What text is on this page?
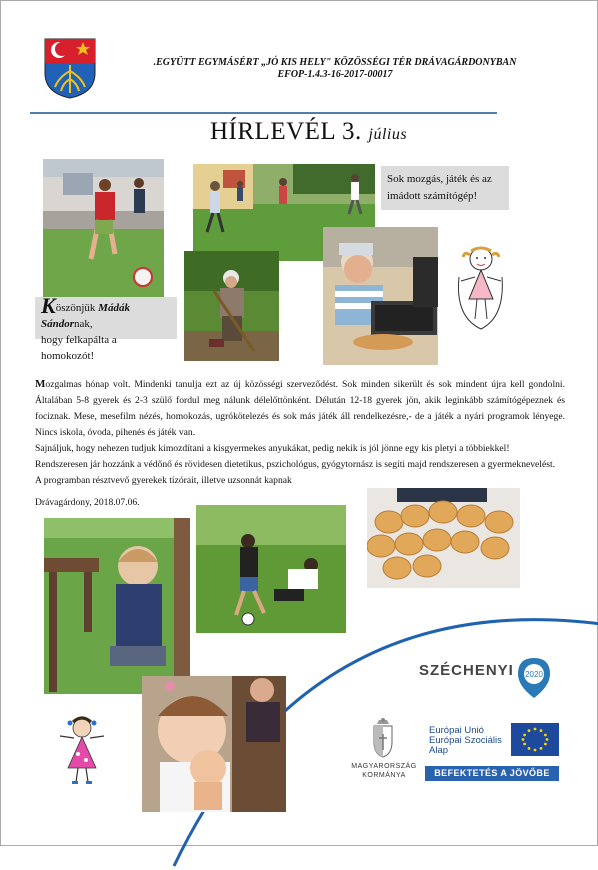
.EGYÜTT EGYMÁSÉRT „JÓ KIS HELY" KÖZÖSSÉGI TÉR DRÁVAGÁRDONYBAN
EFOP-1.4.3-16-2017-00017
HÍRLEVÉL 3. július
Sok mozgás, játék és az imádott számítógép!
Köszönjük Mádák Sándornak,
hogy felkapálta a homokozót!

Mozgalmas hónap volt. Mindenki tanulja ezt az új közösségi szerveződést. Sok minden sikerült és sok mindent újra kell gondolni. Általában 5-8 gyerek és 2-3 szülő fordul meg nálunk délelőttönként. Délután 12-18 gyerek jön, akik leginkább számítógépeznek és fociznak. Mese, mesefilm nézés, homokozás, ugrókötelezés és sok más játék áll rendelkezésre,- de a játék a nyári programok lényege. Nincs iskola, óvoda, pihenés és játék van.

Sajnáljuk, hogy nehezen tudjuk kimozdítani a kisgyermekes anyukákat, pedig nekik is jól jönne egy kis pletyi a többiekkel!

Rendszeresen jár hozzánk a védőnő és rövidesen dietetikus, pszichológus, gyógytornász is segíti majd rendszeresen a gyermeknevelést.

A programban résztvevő gyerekek tízórait, illetve uzsonnát kapnak

Drávagárdony, 2018.07.06.
SZÉCHENYI 2020
MAGYARORSZÁG
KORMÁNYA
Európai Unió
Európai Szociális
Alap
BEFEKTETÉS A JÖVŐBE
